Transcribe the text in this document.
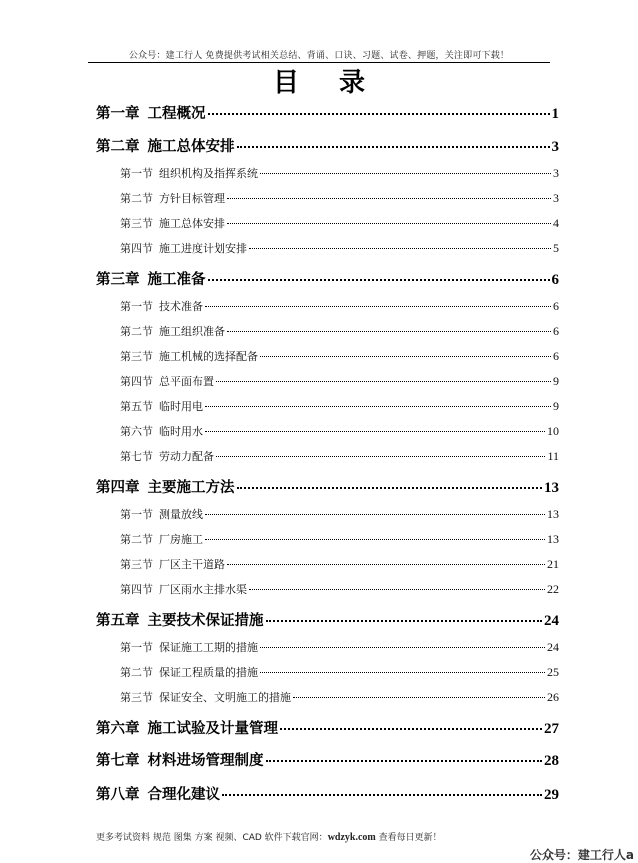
公众号：建工行人 免费提供考试相关总结、背诵、口诀、习题、试卷、押题，关注即可下载！
目录
第一章 工程概况	1
第二章 施工总体安排	3
第一节 组织机构及指挥系统	3
第二节 方针目标管理	3
第三节 施工总体安排	4
第四节 施工进度计划安排	5
第三章 施工准备	6
第一节 技术准备	6
第二节 施工组织准备	6
第三节 施工机械的选择配备	6
第四节 总平面布置	9
第五节 临时用电	9
第六节 临时用水	10
第七节 劳动力配备	11
第四章 主要施工方法	13
第一节 测量放线	13
第二节 厂房施工	13
第三节 厂区主干道路	21
第四节 厂区雨水主排水渠	22
第五章 主要技术保证措施	24
第一节 保证施工工期的措施	24
第二节 保证工程质量的措施	25
第三节 保证安全、文明施工的措施	26
第六章 施工试验及计量管理	27
第七章 材料进场管理制度	28
第八章 合理化建议	29
更多考试资料 规范 图集 方案 视频、CAD 软件下载官网：wdzyk.com 查看每日更新！
公众号：建工行人a
